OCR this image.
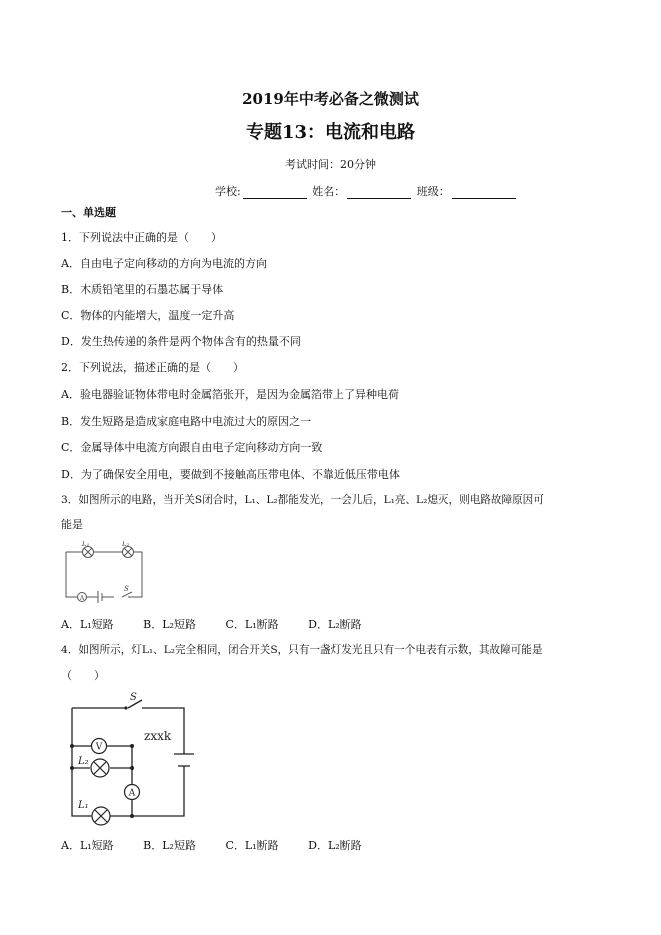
2019年中考必备之微测试
专题13：电流和电路
考试时间：20分钟
学校:	姓名：	班级：
一、单选题
1．下列说法中正确的是（　　）
A．自由电子定向移动的方向为电流的方向
B．木质铅笔里的石墨芯属于导体
C．物体的内能增大，温度一定升高
D．发生热传递的条件是两个物体含有的热量不同
2．下列说法，描述正确的是（　　）
A．验电器验证物体带电时金属箔张开，是因为金属箔带上了异种电荷
B．发生短路是造成家庭电路中电流过大的原因之一
C．金属导体中电流方向跟自由电子定向移动方向一致
D．为了确保安全用电，要做到不接触高压带电体、不靠近低压带电体
3．如图所示的电路，当开关S闭合时，L₁、L₂都能发光，一会儿后，L₁亮、L₂熄灭，则电路故障原因可
能是
A
L₁	L₂
S
A．L₁短路	B．L₂短路	C．L₁断路	D．L₂断路
4．如图所示，灯L₁、L₂完全相同，闭合开关S，只有一盏灯发光且只有一个电表有示数，其故障可能是
（　　）
V
A
S
L₂
L₁
zxxk
A．L₁短路	B．L₂短路	C．L₁断路	D．L₂断路
